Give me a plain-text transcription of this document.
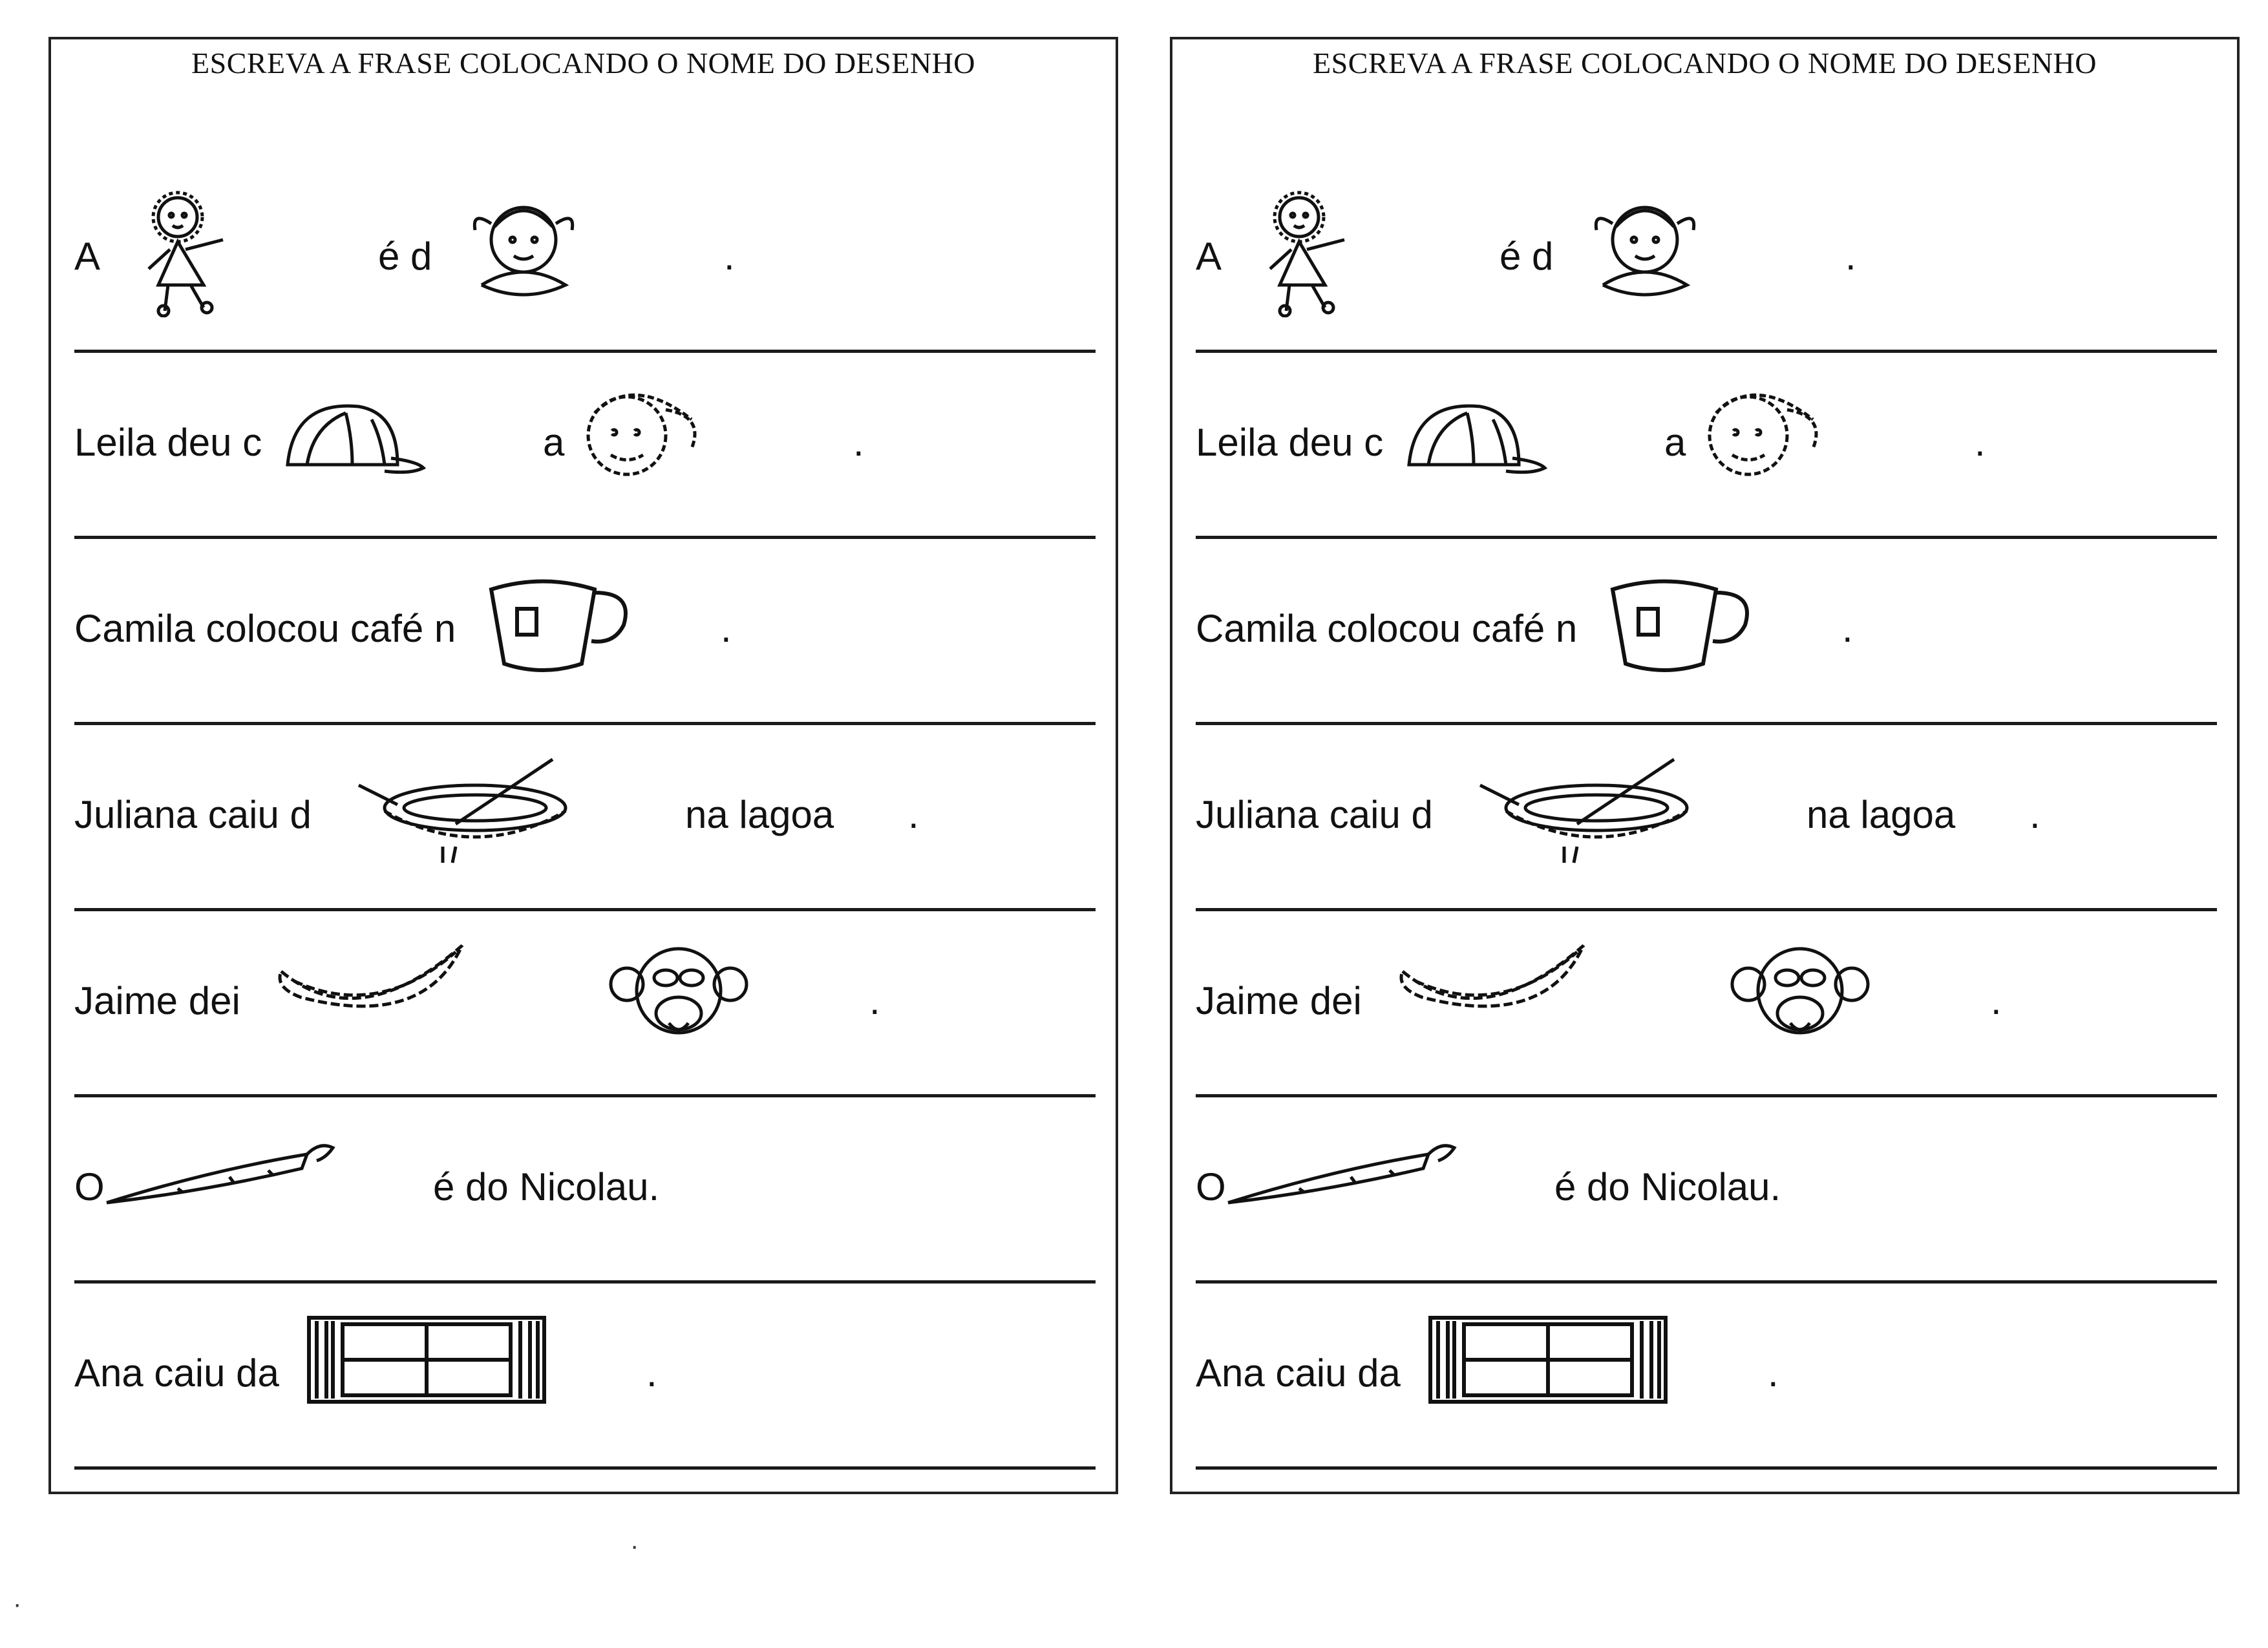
ESCREVA A FRASE COLOCANDO O NOME DO DESENHO
A	é d	.
Leila deu c	a	.
Camila colocou café n	.
Juliana caiu d	na lagoa .
Jaime dei	.
O	é do Nicolau.
Ana caiu da	.
ESCREVA A FRASE COLOCANDO O NOME DO DESENHO
A	é d	.
Leila deu c	a	.
Camila colocou café n	.
Juliana caiu d	na lagoa .
Jaime dei	.
O	é do Nicolau.
Ana caiu da	.
·
·
